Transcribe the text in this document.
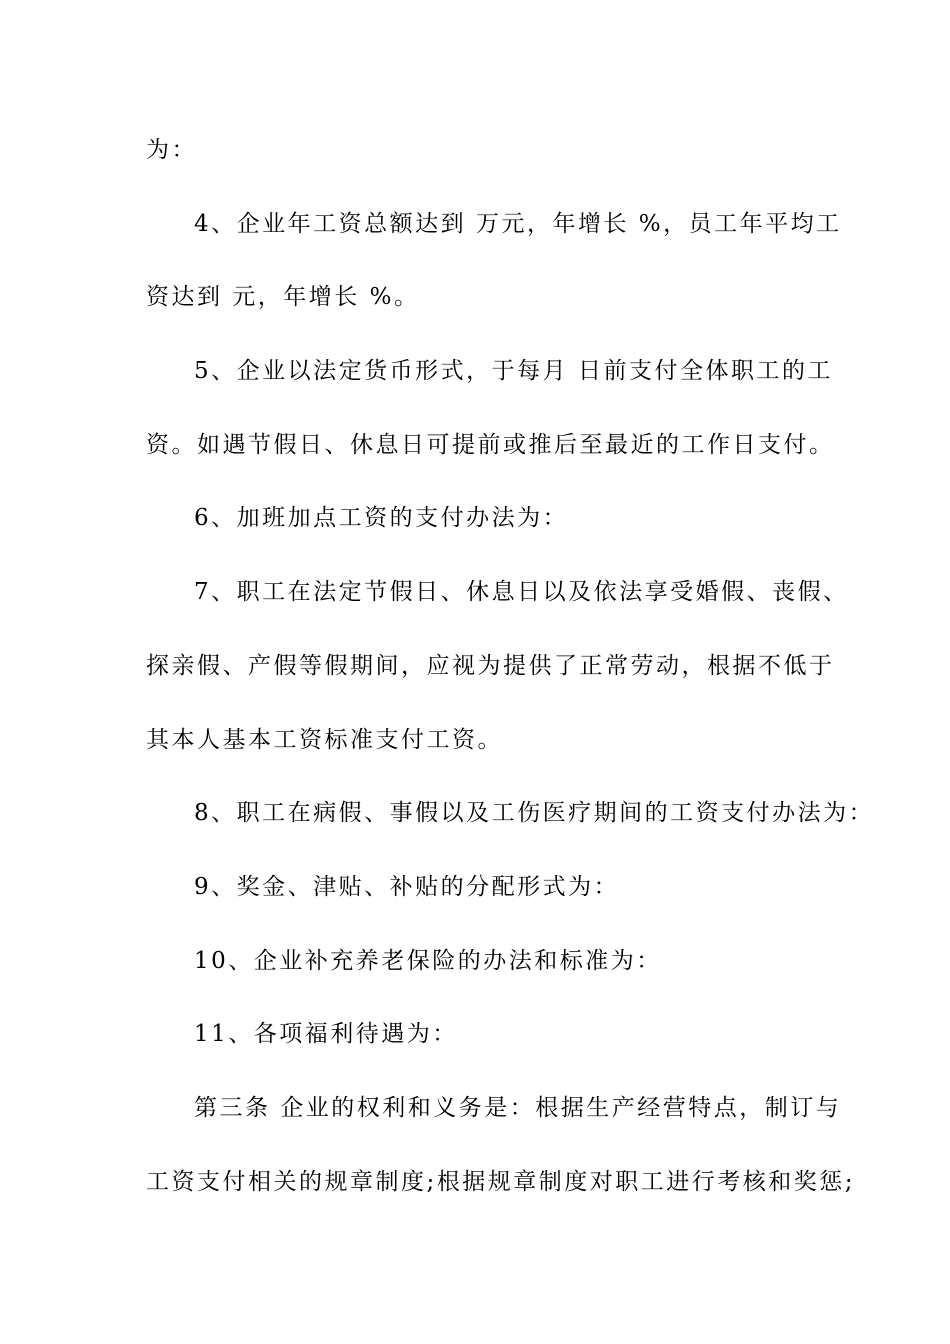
为：
4、企业年工资总额达到 万元，年增长 %，员工年平均工
资达到 元，年增长 %。
5、企业以法定货币形式，于每月 日前支付全体职工的工
资。如遇节假日、休息日可提前或推后至最近的工作日支付。
6、加班加点工资的支付办法为：
7、职工在法定节假日、休息日以及依法享受婚假、丧假、
探亲假、产假等假期间，应视为提供了正常劳动，根据不低于
其本人基本工资标准支付工资。
8、职工在病假、事假以及工伤医疗期间的工资支付办法为：
9、奖金、津贴、补贴的分配形式为：
10、企业补充养老保险的办法和标准为：
11、各项福利待遇为：
第三条 企业的权利和义务是：根据生产经营特点，制订与
工资支付相关的规章制度;根据规章制度对职工进行考核和奖惩;
